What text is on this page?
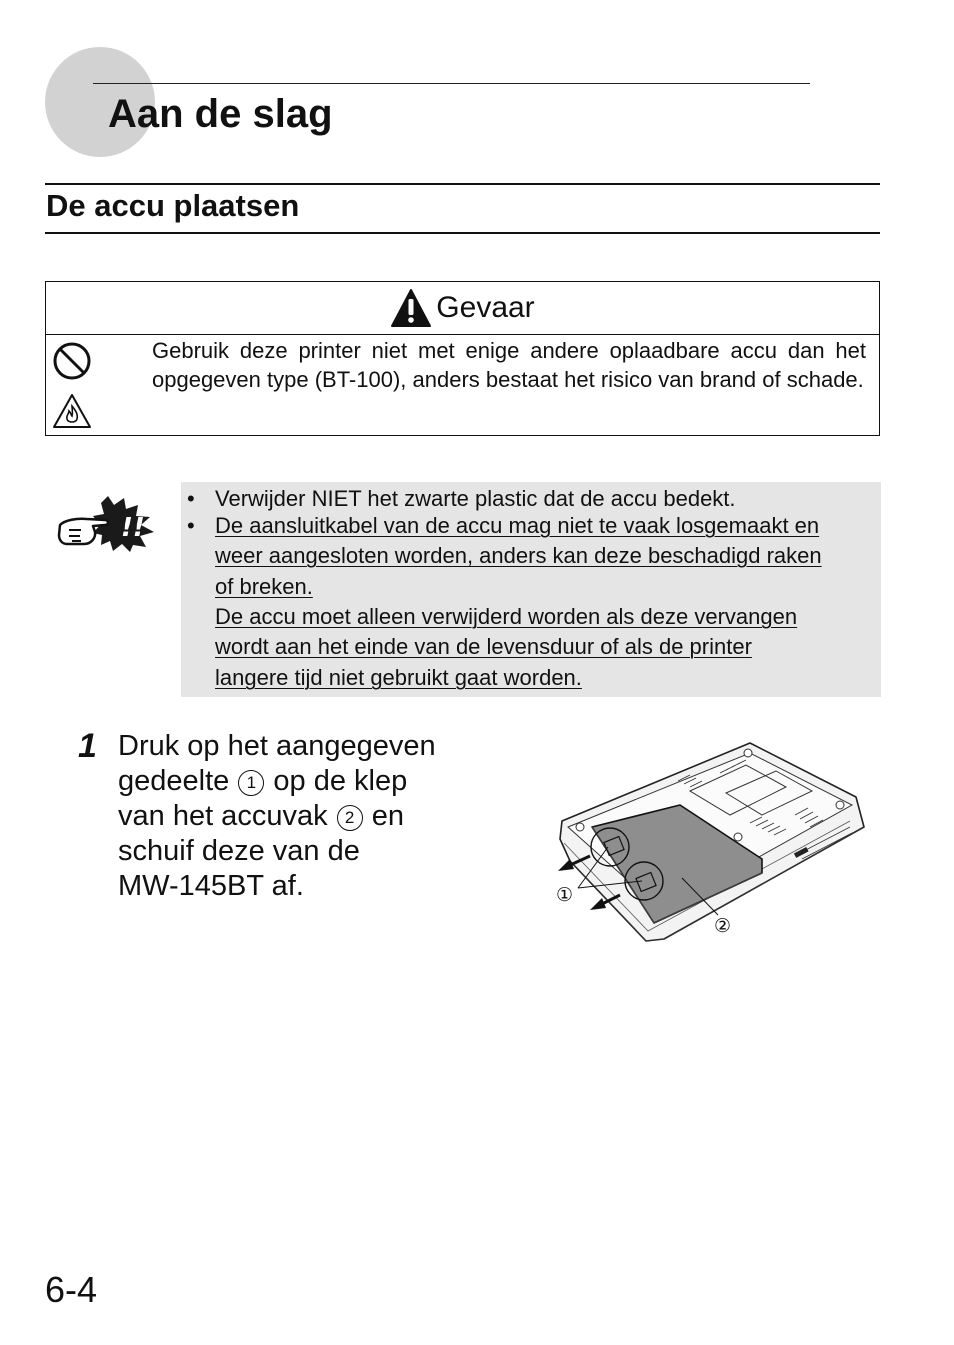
Aan de slag
De accu plaatsen
Gevaar

Gebruik deze printer niet met enige andere oplaadbare accu dan het opgegeven type (BT-100), anders bestaat het risico van brand of schade.

!!
• Verwijder NIET het zwarte plastic dat de accu bedekt.
• De aansluitkabel van de accu mag niet te vaak losgemaakt en
weer aangesloten worden, anders kan deze beschadigd raken
of breken.
De accu moet alleen verwijderd worden als deze vervangen
wordt aan het einde van de levensduur of als de printer
langere tijd niet gebruikt gaat worden.
1 Druk op het aangegeven
gedeelte 1 op de klep
van het accuvak 2 en
schuif deze van de
MW-145BT af.	①
②
6-4
